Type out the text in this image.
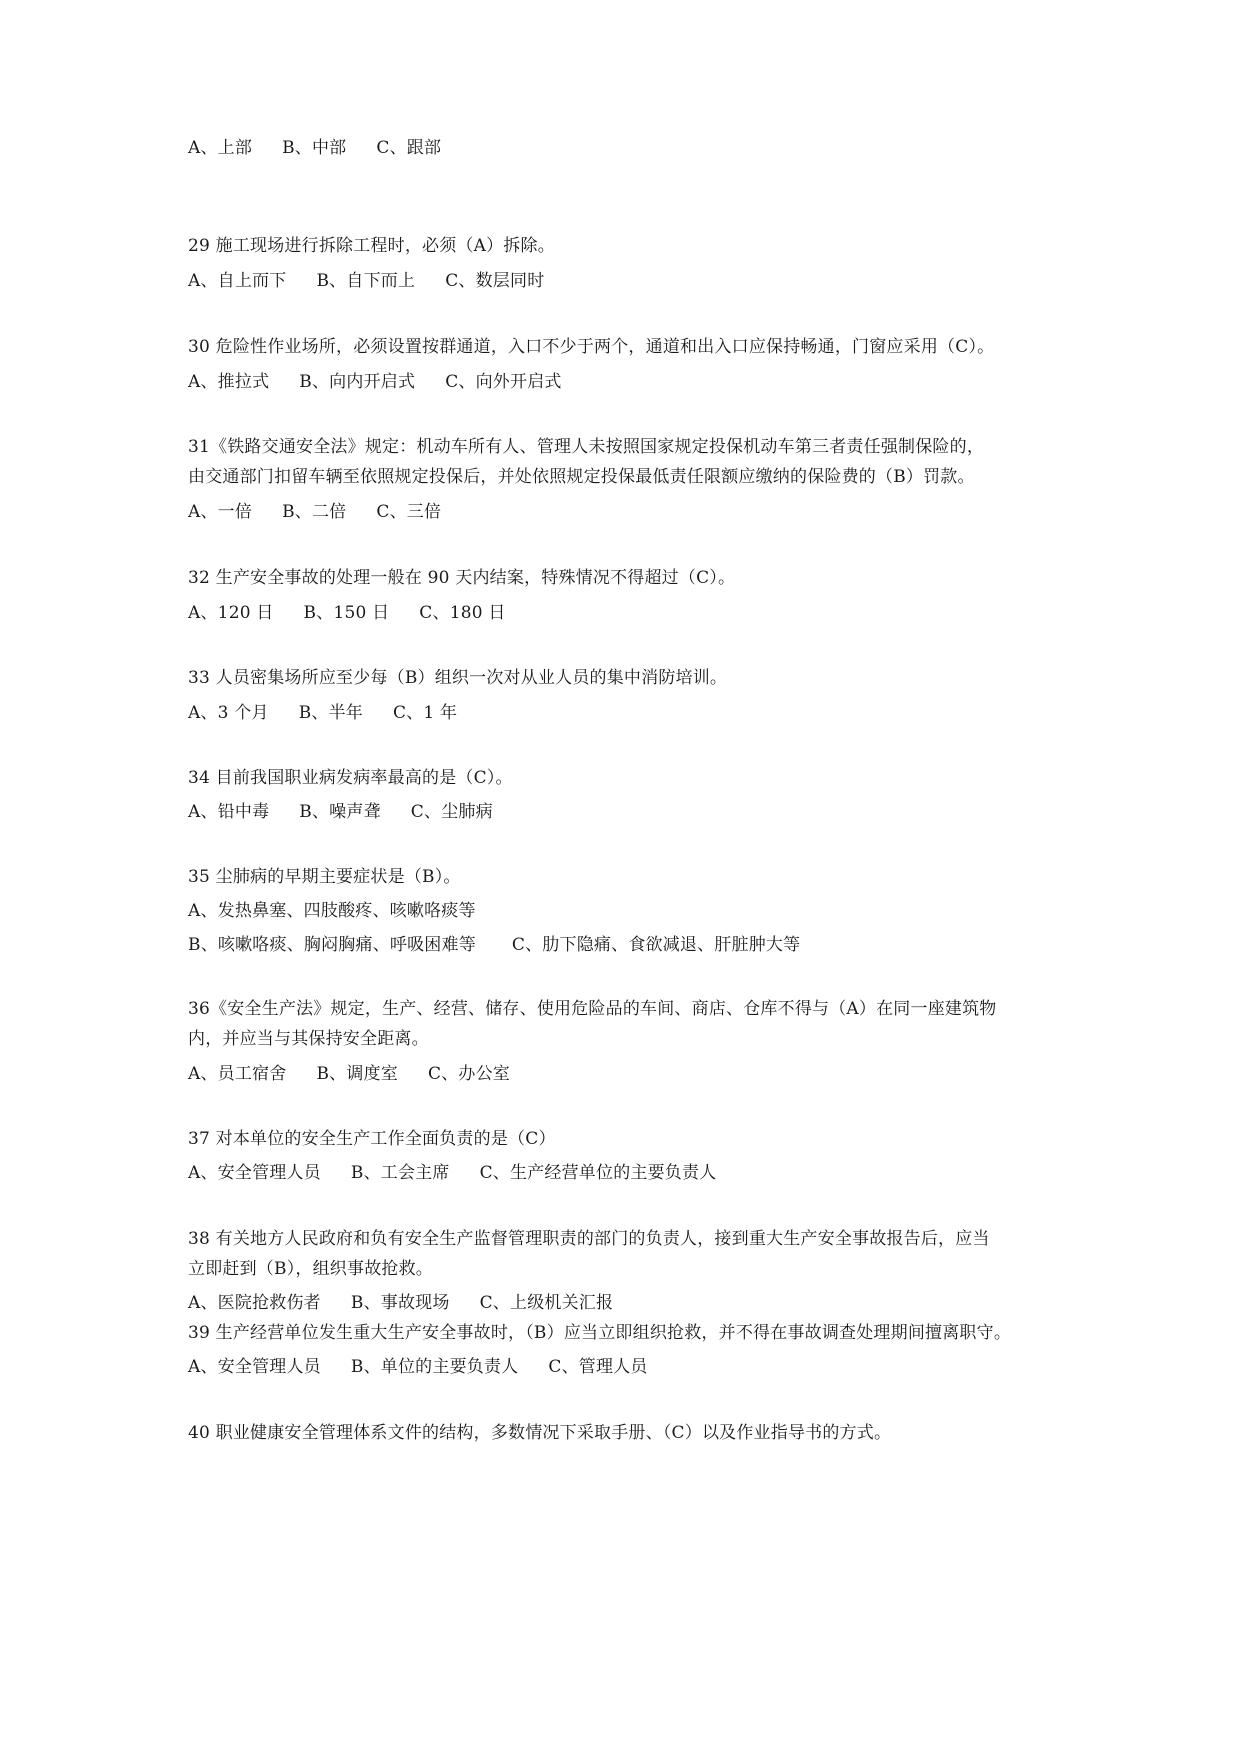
A、上部 B、中部 C、跟部
29 施工现场进行拆除工程时，必须（A）拆除。
A、自上而下 B、自下而上 C、数层同时
30 危险性作业场所，必须设置按群通道，入口不少于两个，通道和出入口应保持畅通，门窗应采用（C）。
A、推拉式 B、向内开启式 C、向外开启式
31《铁路交通安全法》规定：机动车所有人、管理人未按照国家规定投保机动车第三者责任强制保险的，
由交通部门扣留车辆至依照规定投保后，并处依照规定投保最低责任限额应缴纳的保险费的（B）罚款。
A、一倍 B、二倍 C、三倍
32 生产安全事故的处理一般在 90 天内结案，特殊情况不得超过（C）。
A、120 日 B、150 日 C、180 日
33 人员密集场所应至少每（B）组织一次对从业人员的集中消防培训。
A、3 个月 B、半年 C、1 年
34 目前我国职业病发病率最高的是（C）。
A、铅中毒 B、噪声聋 C、尘肺病
35 尘肺病的早期主要症状是（B）。
A、发热鼻塞、四肢酸疼、咳嗽咯痰等
B、咳嗽咯痰、胸闷胸痛、呼吸困难等 C、肋下隐痛、食欲减退、肝脏肿大等
36《安全生产法》规定，生产、经营、储存、使用危险品的车间、商店、仓库不得与（A）在同一座建筑物
内，并应当与其保持安全距离。
A、员工宿舍 B、调度室 C、办公室
37 对本单位的安全生产工作全面负责的是（C）
A、安全管理人员 B、工会主席 C、生产经营单位的主要负责人
38 有关地方人民政府和负有安全生产监督管理职责的部门的负责人，接到重大生产安全事故报告后，应当
立即赶到（B），组织事故抢救。
A、医院抢救伤者 B、事故现场 C、上级机关汇报
39 生产经营单位发生重大生产安全事故时，（B）应当立即组织抢救，并不得在事故调查处理期间擅离职守。
A、安全管理人员 B、单位的主要负责人 C、管理人员
40 职业健康安全管理体系文件的结构，多数情况下采取手册、（C）以及作业指导书的方式。
